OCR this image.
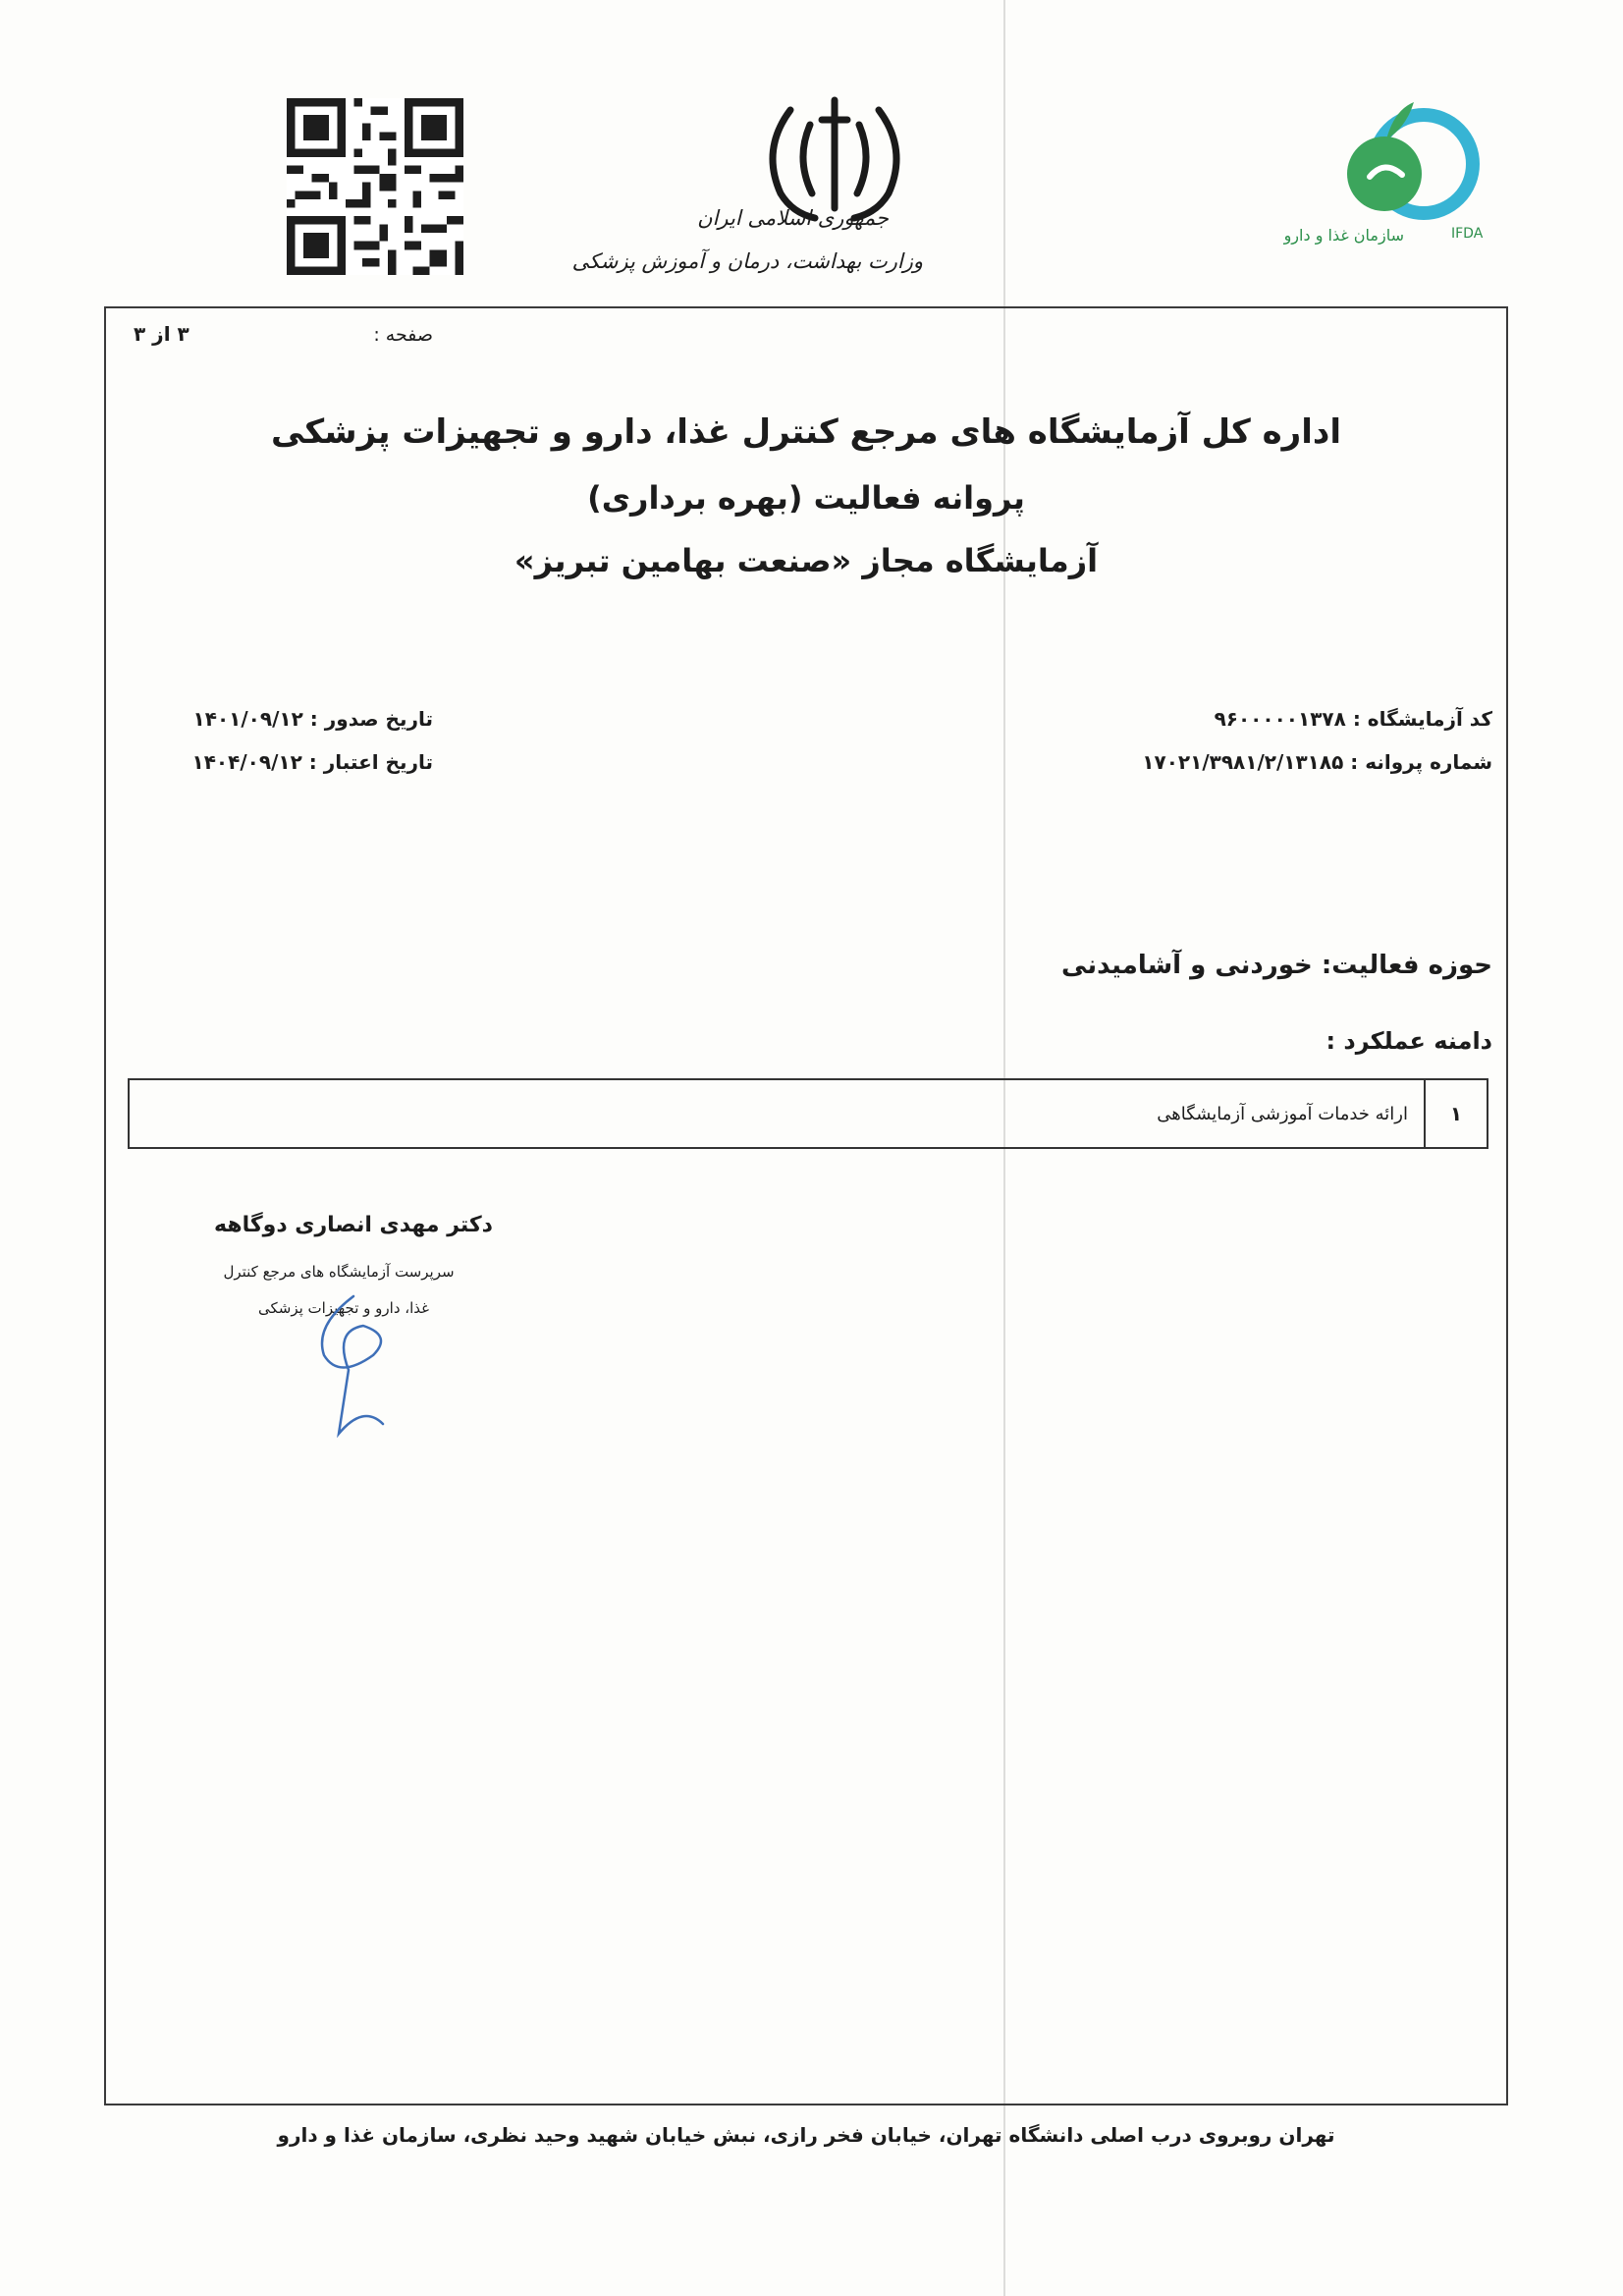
جمهوری اسلامی ایران
وزارت بهداشت، درمان و آموزش پزشکی
IFDA
سازمان غذا و دارو
صفحه :
۳ از ۳
اداره کل آزمایشگاه های مرجع کنترل غذا، دارو و تجهیزات پزشکی
پروانه فعالیت (بهره برداری)
آزمایشگاه مجاز «صنعت بهامین تبریز»
کد آزمایشگاه : ۹۶۰۰۰۰۰۱۳۷۸
شماره پروانه : ۱۷۰۲۱/۳۹۸۱/۲/۱۳۱۸۵
تاریخ صدور : ۱۴۰۱/۰۹/۱۲
تاریخ اعتبار : ۱۴۰۴/۰۹/۱۲
حوزه فعالیت: خوردنی و آشامیدنی
دامنه عملکرد :
۱
ارائه خدمات آموزشی آزمایشگاهی
دکتر مهدی انصاری دوگاهه
سرپرست آزمایشگاه های مرجع کنترل
غذا، دارو و تجهیزات پزشکی
تهران روبروی درب اصلی دانشگاه تهران، خیابان فخر رازی، نبش خیابان شهید وحید نظری، سازمان غذا و دارو
